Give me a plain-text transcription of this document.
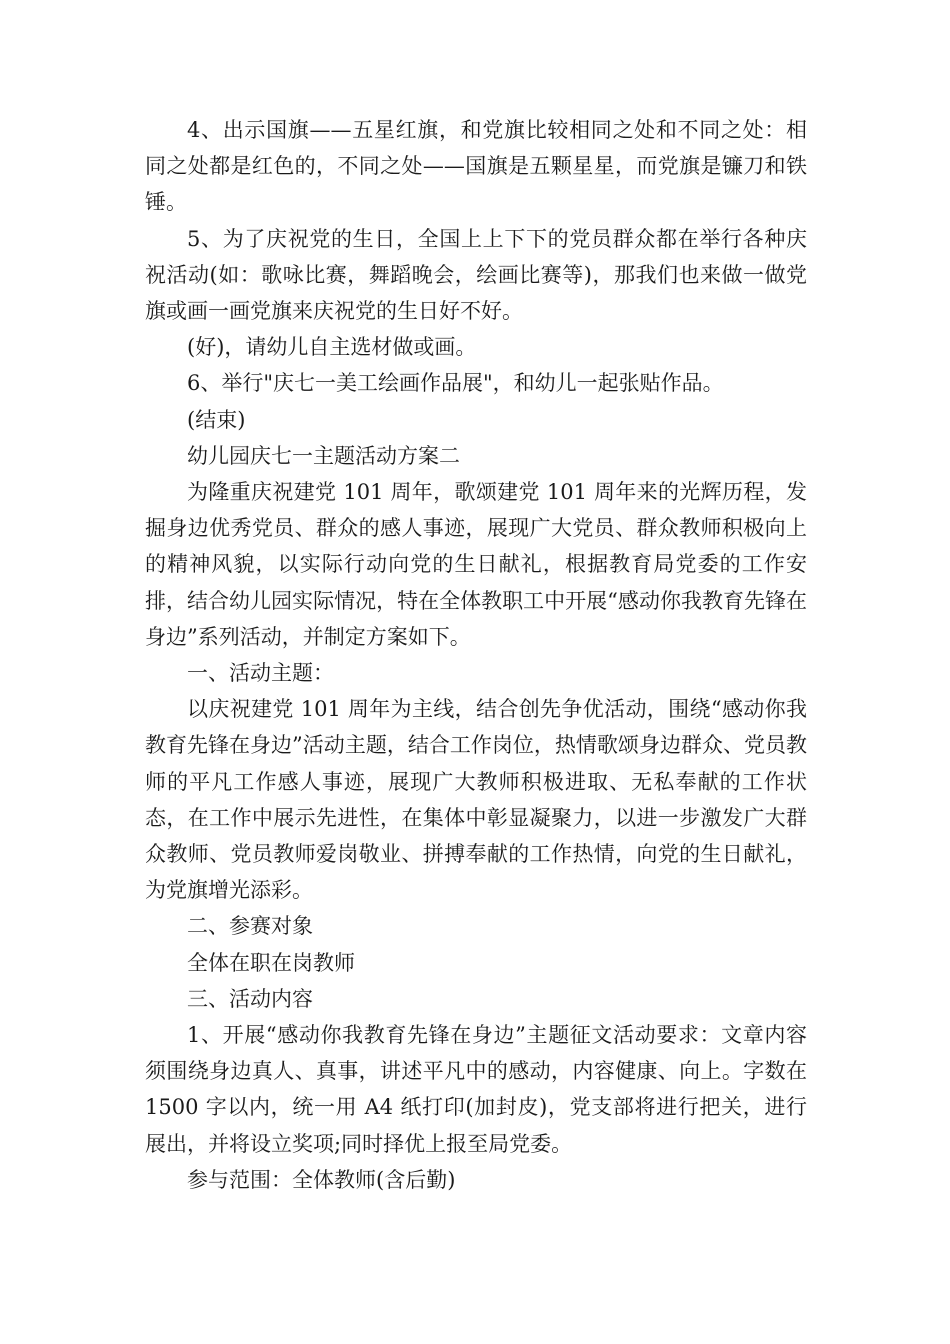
4、出示国旗——五星红旗，和党旗比较相同之处和不同之处：相同之处都是红色的，不同之处——国旗是五颗星星，而党旗是镰刀和铁锤。

5、为了庆祝党的生日，全国上上下下的党员群众都在举行各种庆祝活动(如：歌咏比赛，舞蹈晚会，绘画比赛等)，那我们也来做一做党旗或画一画党旗来庆祝党的生日好不好。

(好)，请幼儿自主选材做或画。

6、举行"庆七一美工绘画作品展"，和幼儿一起张贴作品。

(结束)

幼儿园庆七一主题活动方案二

为隆重庆祝建党 101 周年，歌颂建党 101 周年来的光辉历程，发掘身边优秀党员、群众的感人事迹，展现广大党员、群众教师积极向上的精神风貌，以实际行动向党的生日献礼，根据教育局党委的工作安排，结合幼儿园实际情况，特在全体教职工中开展“感动你我教育先锋在身边”系列活动，并制定方案如下。

一、活动主题：

以庆祝建党 101 周年为主线，结合创先争优活动，围绕“感动你我教育先锋在身边”活动主题，结合工作岗位，热情歌颂身边群众、党员教师的平凡工作感人事迹，展现广大教师积极进取、无私奉献的工作状态，在工作中展示先进性，在集体中彰显凝聚力，以进一步激发广大群众教师、党员教师爱岗敬业、拼搏奉献的工作热情，向党的生日献礼，为党旗增光添彩。

二、参赛对象

全体在职在岗教师

三、活动内容

1、开展“感动你我教育先锋在身边”主题征文活动要求：文章内容须围绕身边真人、真事，讲述平凡中的感动，内容健康、向上。字数在 1500 字以内，统一用 A4 纸打印(加封皮)，党支部将进行把关，进行展出，并将设立奖项;同时择优上报至局党委。

参与范围：全体教师(含后勤)
